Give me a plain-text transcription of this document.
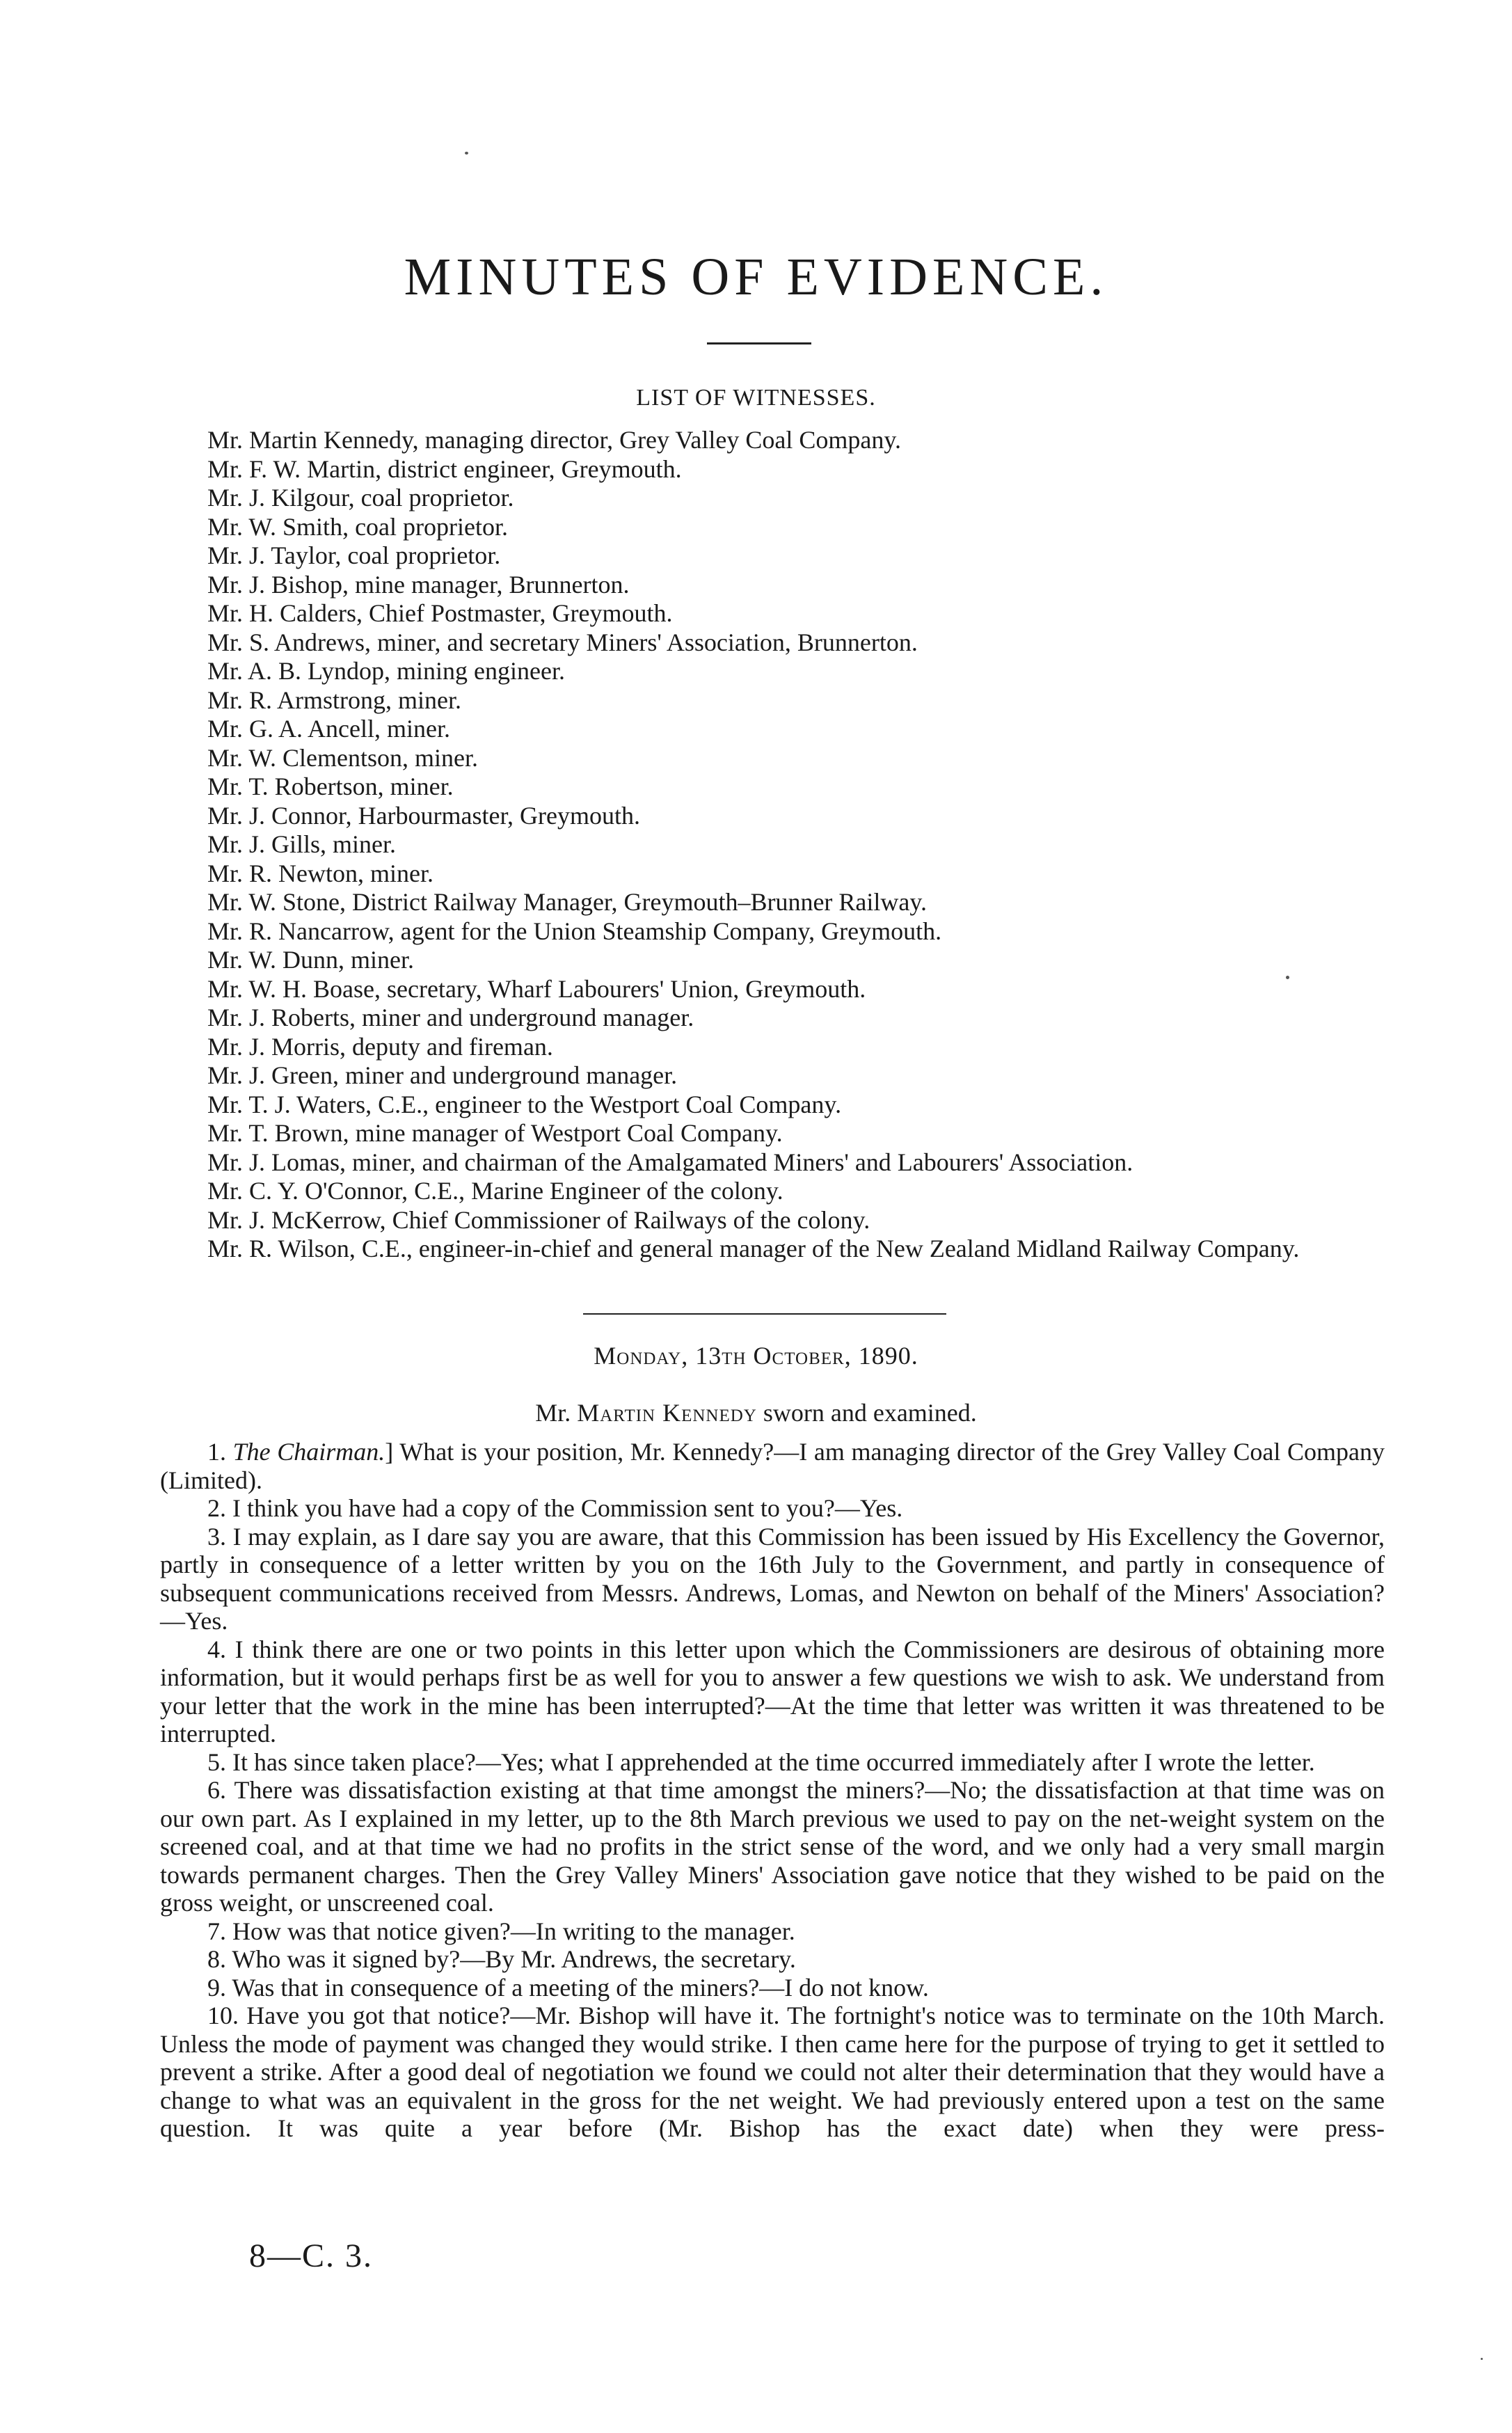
MINUTES OF EVIDENCE.
LIST OF WITNESSES.
Mr. Martin Kennedy, managing director, Grey Valley Coal Company.
Mr. F. W. Martin, district engineer, Greymouth.
Mr. J. Kilgour, coal proprietor.
Mr. W. Smith, coal proprietor.
Mr. J. Taylor, coal proprietor.
Mr. J. Bishop, mine manager, Brunnerton.
Mr. H. Calders, Chief Postmaster, Greymouth.
Mr. S. Andrews, miner, and secretary Miners' Association, Brunnerton.
Mr. A. B. Lyndop, mining engineer.
Mr. R. Armstrong, miner.
Mr. G. A. Ancell, miner.
Mr. W. Clementson, miner.
Mr. T. Robertson, miner.
Mr. J. Connor, Harbourmaster, Greymouth.
Mr. J. Gills, miner.
Mr. R. Newton, miner.
Mr. W. Stone, District Railway Manager, Greymouth–Brunner Railway.
Mr. R. Nancarrow, agent for the Union Steamship Company, Greymouth.
Mr. W. Dunn, miner.
Mr. W. H. Boase, secretary, Wharf Labourers' Union, Greymouth.
Mr. J. Roberts, miner and underground manager.
Mr. J. Morris, deputy and fireman.
Mr. J. Green, miner and underground manager.
Mr. T. J. Waters, C.E., engineer to the Westport Coal Company.
Mr. T. Brown, mine manager of Westport Coal Company.
Mr. J. Lomas, miner, and chairman of the Amalgamated Miners' and Labourers' Association.
Mr. C. Y. O'Connor, C.E., Marine Engineer of the colony.
Mr. J. McKerrow, Chief Commissioner of Railways of the colony.
Mr. R. Wilson, C.E., engineer-in-chief and general manager of the New Zealand Midland Railway Company.
Monday, 13th October, 1890.
Mr. Martin Kennedy sworn and examined.

1. The Chairman.] What is your position, Mr. Kennedy?—I am managing director of the Grey Valley Coal Company (Limited).

2. I think you have had a copy of the Commission sent to you?—Yes.

3. I may explain, as I dare say you are aware, that this Commission has been issued by His Excellency the Governor, partly in consequence of a letter written by you on the 16th July to the Government, and partly in consequence of subsequent communications received from Messrs. Andrews, Lomas, and Newton on behalf of the Miners' Association?—Yes.

4. I think there are one or two points in this letter upon which the Commissioners are desirous of obtaining more information, but it would perhaps first be as well for you to answer a few questions we wish to ask. We understand from your letter that the work in the mine has been interrupted?—At the time that letter was written it was threatened to be interrupted.

5. It has since taken place?—Yes; what I apprehended at the time occurred immediately after I wrote the letter.

6. There was dissatisfaction existing at that time amongst the miners?—No; the dissatisfaction at that time was on our own part. As I explained in my letter, up to the 8th March previous we used to pay on the net-weight system on the screened coal, and at that time we had no profits in the strict sense of the word, and we only had a very small margin towards permanent charges. Then the Grey Valley Miners' Association gave notice that they wished to be paid on the gross weight, or unscreened coal.

7. How was that notice given?—In writing to the manager.

8. Who was it signed by?—By Mr. Andrews, the secretary.

9. Was that in consequence of a meeting of the miners?—I do not know.

10. Have you got that notice?—Mr. Bishop will have it. The fortnight's notice was to terminate on the 10th March. Unless the mode of payment was changed they would strike. I then came here for the purpose of trying to get it settled to prevent a strike. After a good deal of negotiation we found we could not alter their determination that they would have a change to what was an equivalent in the gross for the net weight. We had previously entered upon a test on the same question. It was quite a year before (Mr. Bishop has the exact date) when they were press-

8—C. 3.
